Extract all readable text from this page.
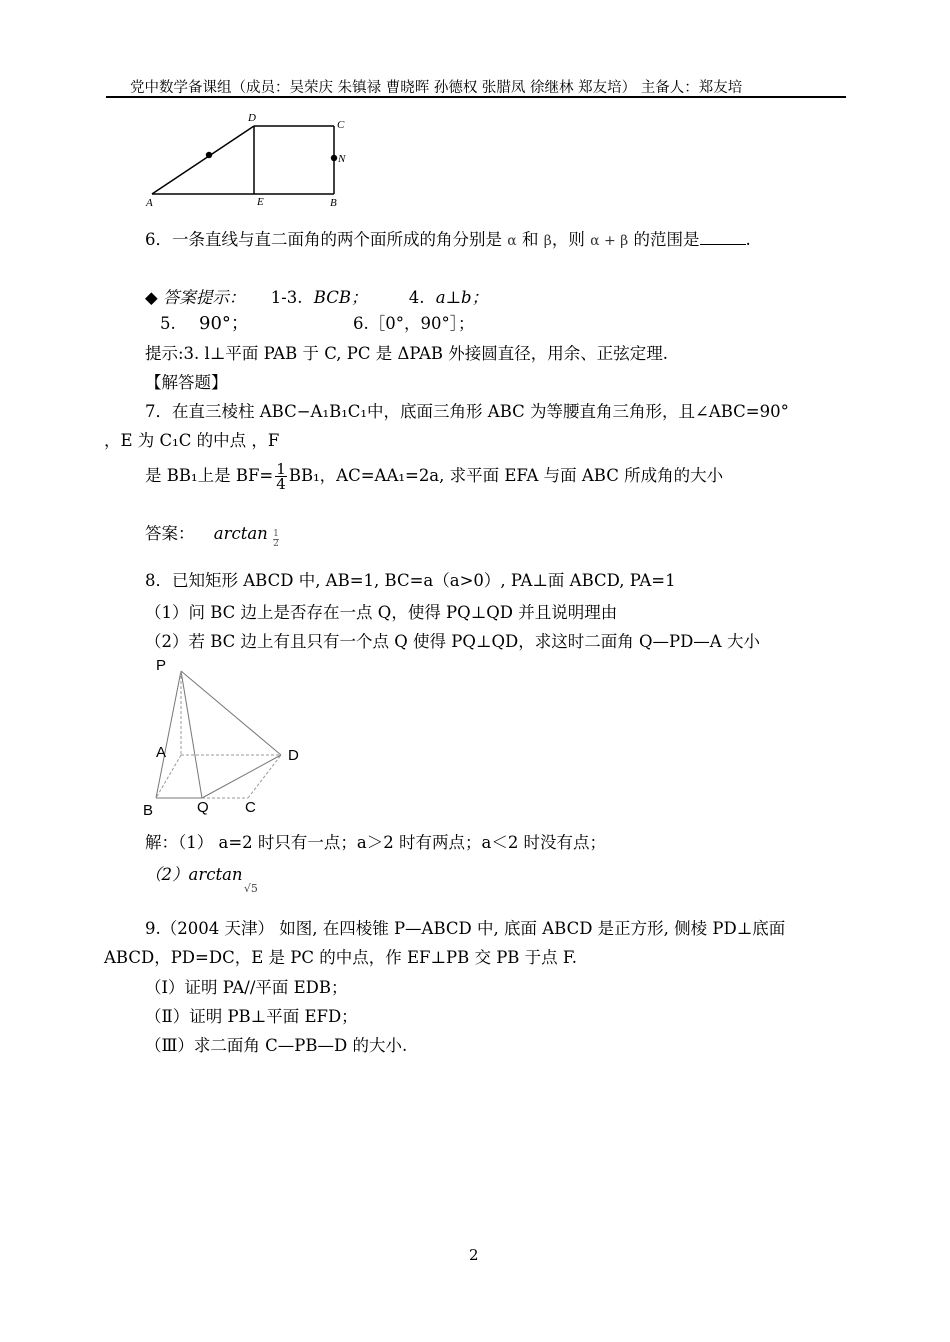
党中数学备课组（成员：吴荣庆 朱镇禄 曹晓晖 孙德权 张腊凤 徐继林 郑友培） 主备人：郑友培
D
C
N
A	E	B
6．一条直线与直二面角的两个面所成的角分别是 α 和 β，则 α + β 的范围是	.
◆ 答案提示： 1-3. BCB；	4. a⊥b；
5. 90°；	6.［0°，90°］；
提示:3. l⊥平面 PAB 于 C, PC 是 ΔPAB 外接圆直径，用余、正弦定理.
【解答题】
7．在直三棱柱 ABC−A₁B₁C₁中，底面三角形 ABC 为等腰直角三角形，且∠ABC=90°
，E 为 C₁C 的中点 ，F
是 BB₁上是 $BF= \frac{1}{4} BB_1$，AC=AA₁=2a, 求平面 EFA 与面 ABC 所成角的大小
答案： $\arctan \frac{1}{2}$
8．已知矩形 ABCD 中, AB=1, BC=a（a>0）, PA⊥面 ABCD, PA=1
（1）问 BC 边上是否存在一点 Q，使得 PQ⊥QD 并且说明理由
（2）若 BC 边上有且只有一个点 Q 使得 PQ⊥QD，求这时二面角 Q—PD—A 大小
P
A	D
B	Q C
解：（1） a=2 时只有一点；a＞2 时有两点；a＜2 时没有点；
（2）arctan $_{√5}$
9.（2004 天津） 如图, 在四棱锥 P—ABCD 中, 底面 ABCD 是正方形, 侧棱 PD⊥底面
ABCD，PD=DC，E 是 PC 的中点，作 EF⊥PB 交 PB 于点 F.
（Ⅰ）证明 PA//平面 EDB；
（Ⅱ）证明 PB⊥平面 EFD；
（Ⅲ）求二面角 C—PB—D 的大小.
2
